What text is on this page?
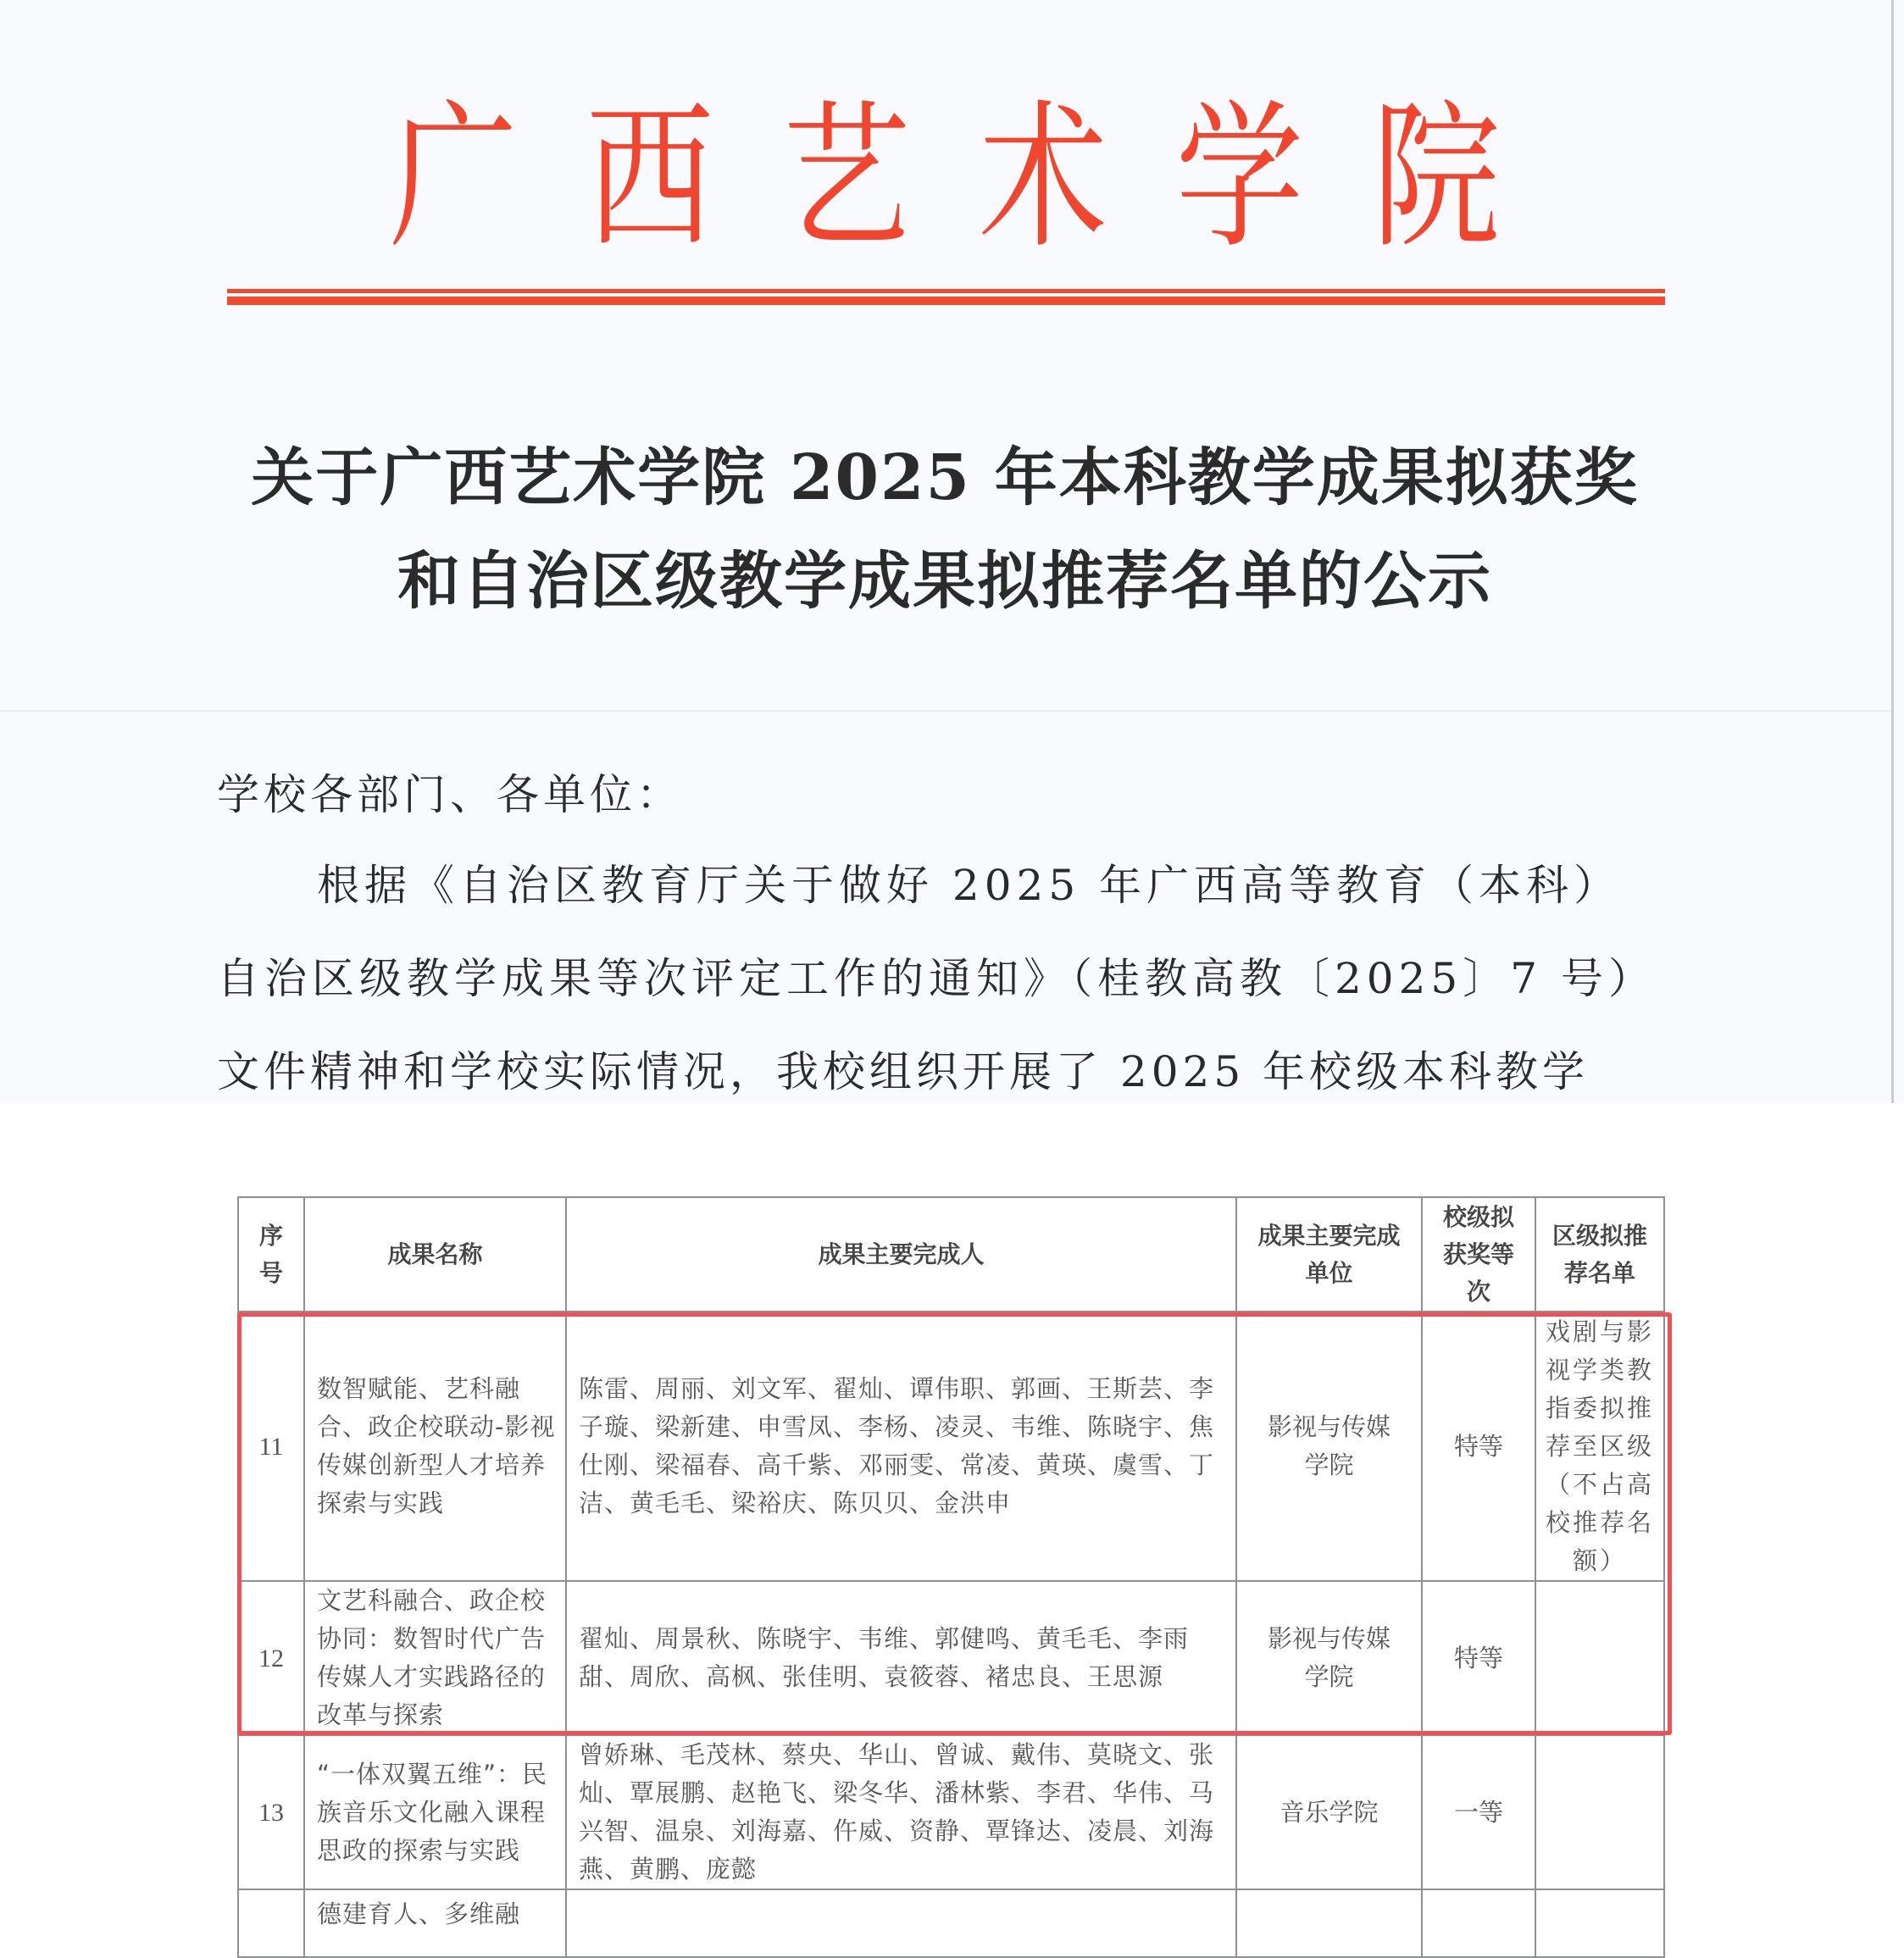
广 西 艺 术 学 院
关于广西艺术学院 2025 年本科教学成果拟获奖
和自治区级教学成果拟推荐名单的公示
学校各部门、各单位：
根据《自治区教育厅关于做好 2025 年广西高等教育（本科）
自治区级教学成果等次评定工作的通知》（桂教高教〔2025〕7 号）
文件精神和学校实际情况，我校组织开展了 2025 年校级本科教学
序号	成果名称	成果主要完成人	成果主要完成单位	校级拟获奖等次	区级拟推荐名单
11	数智赋能、艺科融合、政企校联动-影视传媒创新型人才培养探索与实践	陈雷、周丽、刘文军、翟灿、谭伟职、郭画、王斯芸、李子璇、梁新建、申雪凤、李杨、凌灵、韦维、陈晓宇、焦仕刚、梁福春、高千紫、邓丽雯、常凌、黄瑛、虞雪、丁洁、黄毛毛、梁裕庆、陈贝贝、金洪申	影视与传媒学院	特等	戏剧与影视学类教指委拟推荐至区级（不占高校推荐名额）
12	文艺科融合、政企校协同：数智时代广告传媒人才实践路径的改革与探索	翟灿、周景秋、陈晓宇、韦维、郭健鸣、黄毛毛、李雨甜、周欣、高枫、张佳明、袁筱蓉、褚忠良、王思源	影视与传媒学院	特等	
13	“一体双翼五维”：民族音乐文化融入课程思政的探索与实践	曾娇琳、毛茂林、蔡央、华山、曾诚、戴伟、莫晓文、张灿、覃展鹏、赵艳飞、梁冬华、潘林紫、李君、华伟、马兴智、温泉、刘海嘉、仵威、资静、覃锋达、凌晨、刘海燕、黄鹏、庞懿	音乐学院	一等	
	德建育人、多维融				
